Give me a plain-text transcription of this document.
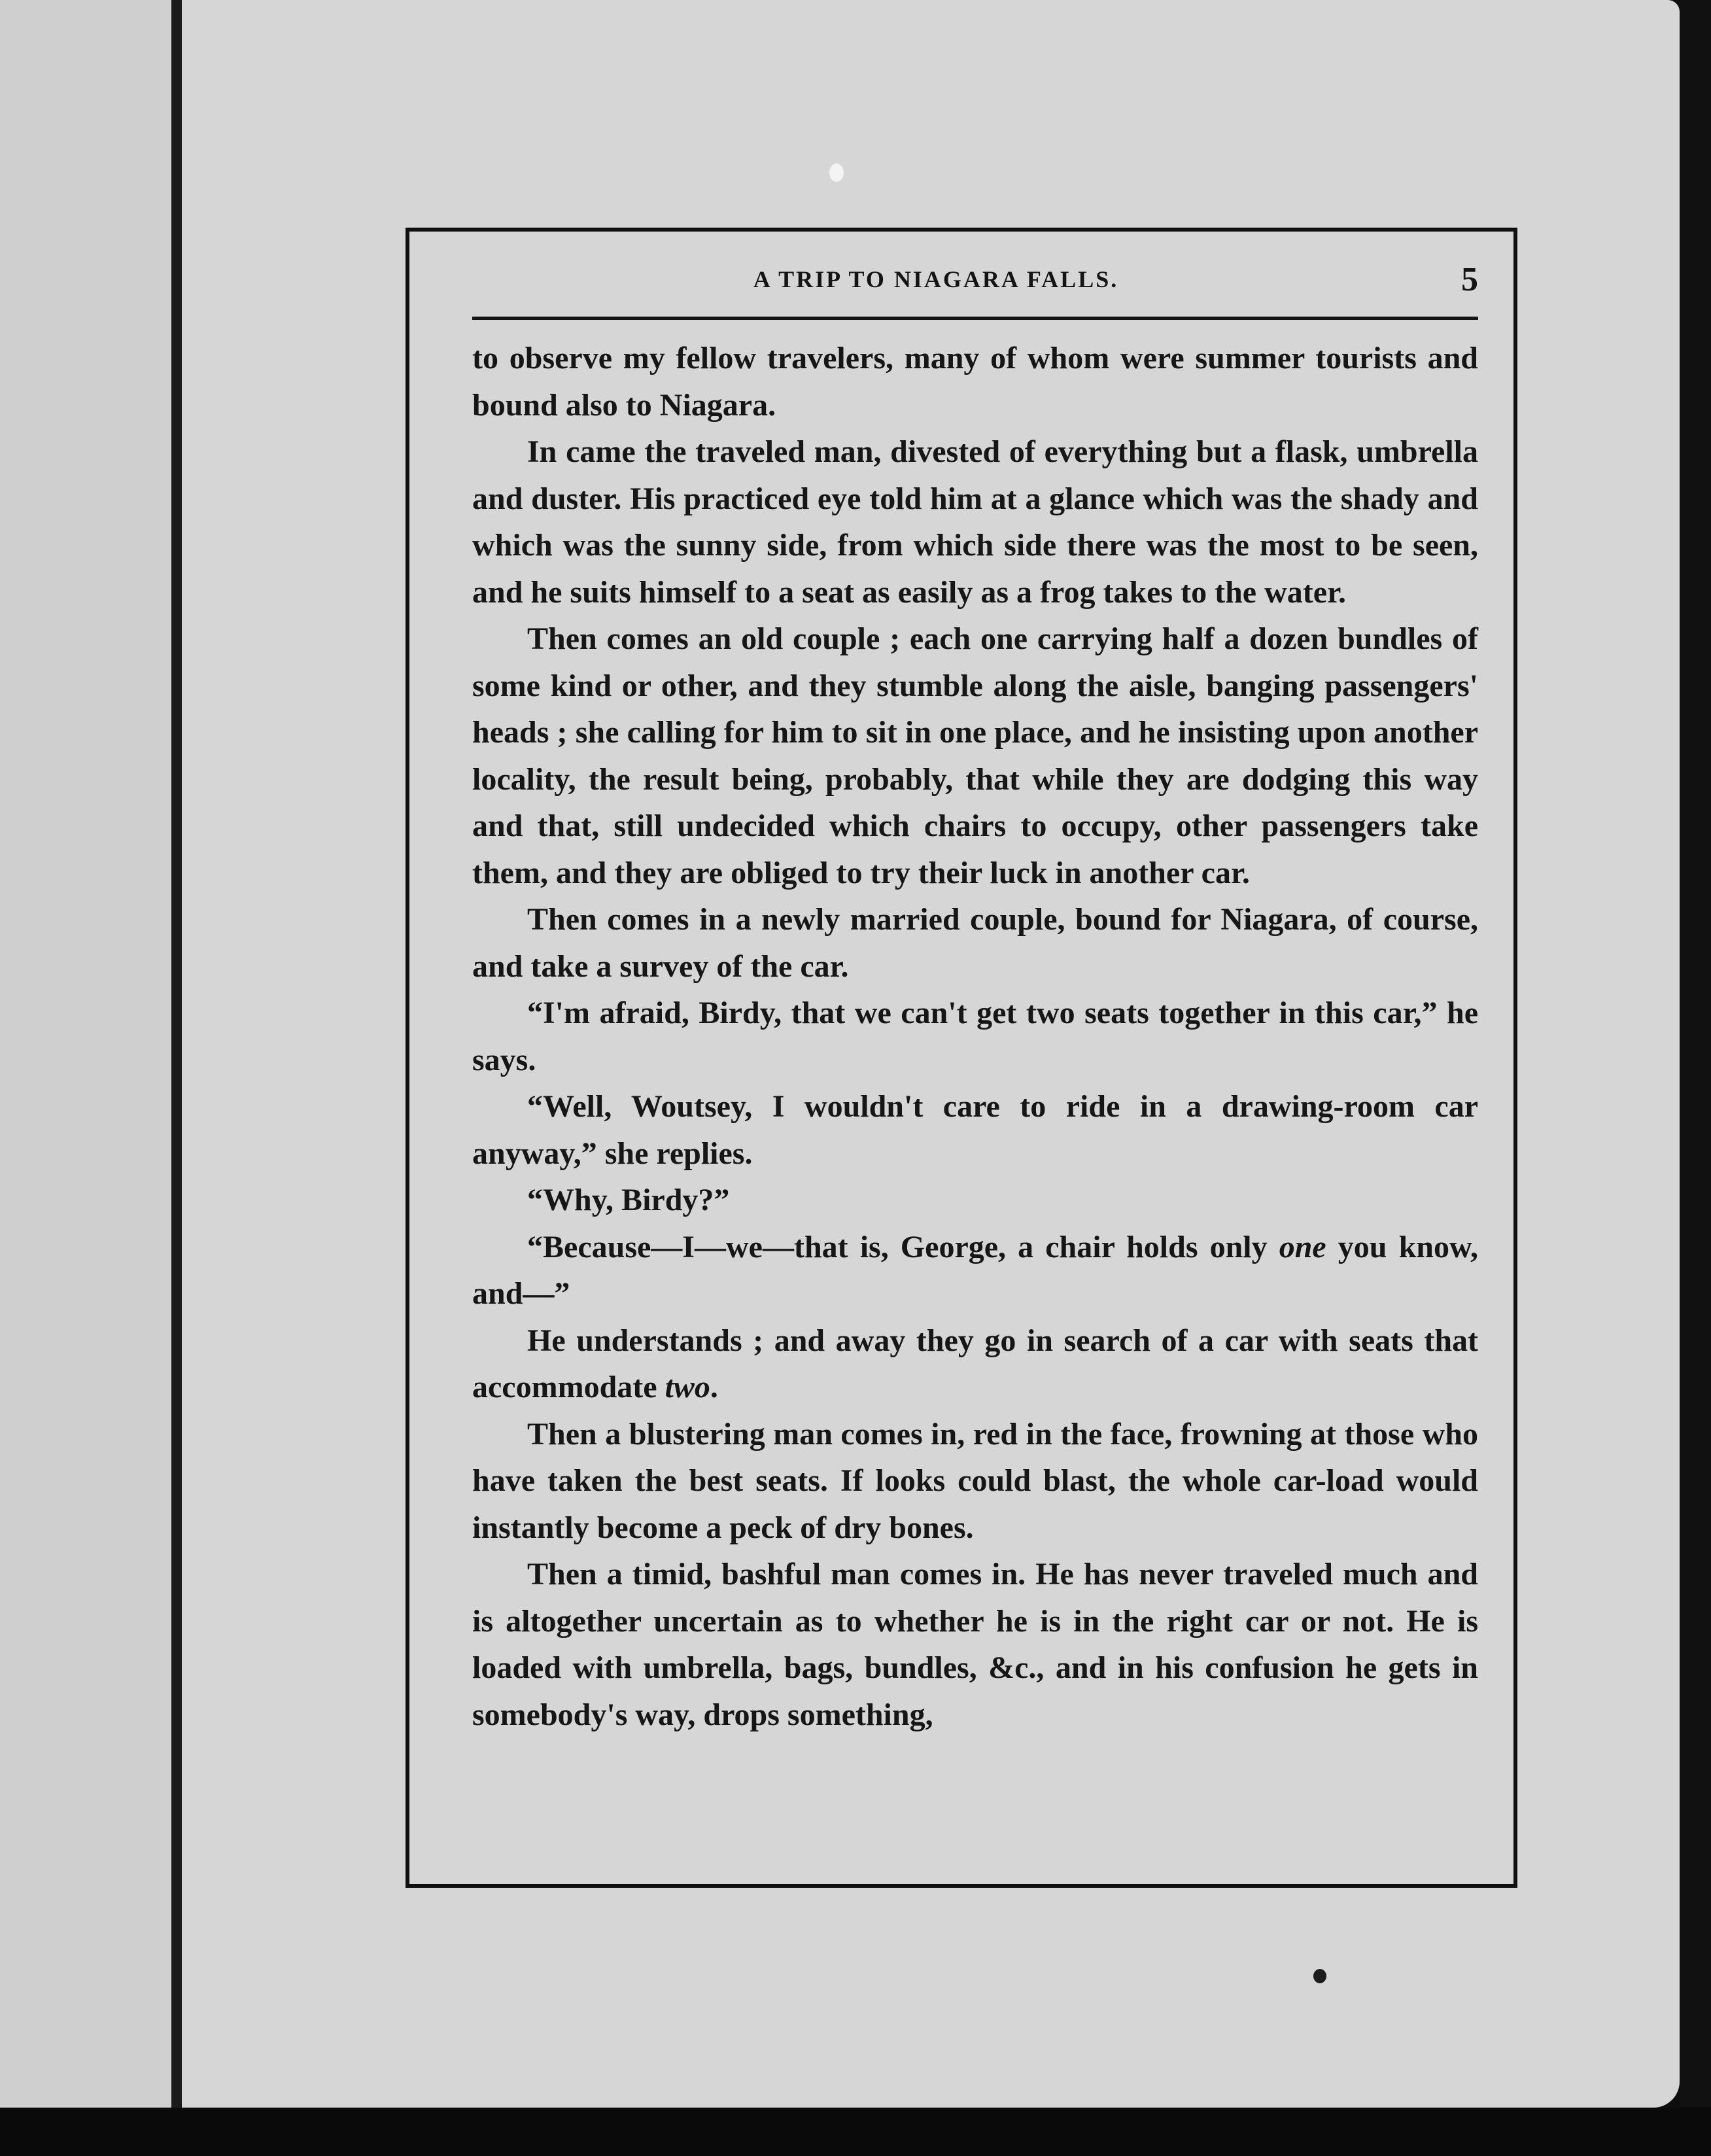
A TRIP TO NIAGARA FALLS.	5

to observe my fellow travelers, many of whom were summer tourists and bound also to Niagara.

In came the traveled man, divested of everything but a flask, umbrella and duster. His practiced eye told him at a glance which was the shady and which was the sunny side, from which side there was the most to be seen, and he suits himself to a seat as easily as a frog takes to the water.

Then comes an old couple ; each one carrying half a dozen bundles of some kind or other, and they stumble along the aisle, banging passengers' heads ; she calling for him to sit in one place, and he insisting upon another locality, the result being, probably, that while they are dodging this way and that, still undecided which chairs to occupy, other passengers take them, and they are obliged to try their luck in another car.

Then comes in a newly married couple, bound for Niagara, of course, and take a survey of the car.

“I'm afraid, Birdy, that we can't get two seats together in this car,” he says.

“Well, Woutsey, I wouldn't care to ride in a drawing-room car anyway,” she replies.

“Why, Birdy?”

“Because—I—we—that is, George, a chair holds only one you know, and—”

He understands ; and away they go in search of a car with seats that accommodate two.

Then a blustering man comes in, red in the face, frowning at those who have taken the best seats. If looks could blast, the whole car-load would instantly become a peck of dry bones.

Then a timid, bashful man comes in. He has never traveled much and is altogether uncertain as to whether he is in the right car or not. He is loaded with umbrella, bags, bundles, &c., and in his confusion he gets in somebody's way, drops something,
